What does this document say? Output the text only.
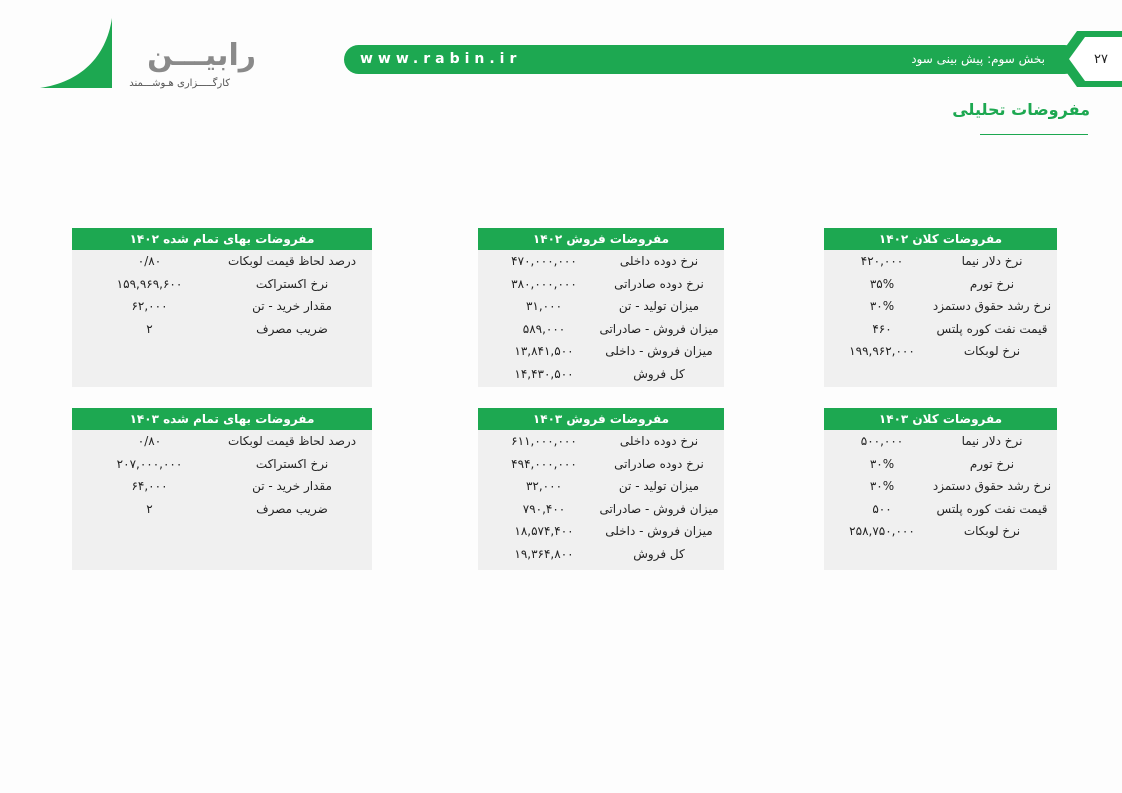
رابیـــن
کارگـــــزاری هـوشـــمند
www.rabin.ir	بخش سوم: پیش بینی سود	۲۷
مفروضات تحلیلی
مفروضات کلان ۱۴۰۲
نرخ دلار نیما
۴۲۰,۰۰۰
نرخ تورم
۳۵%
نرخ رشد حقوق دستمزد
۳۰%
قیمت نفت کوره پلتس
۴۶۰
نرخ لوبکات
۱۹۹,۹۶۲,۰۰۰
مفروضات فروش ۱۴۰۲
نرخ دوده داخلی
۴۷۰,۰۰۰,۰۰۰
نرخ دوده صادراتی
۳۸۰,۰۰۰,۰۰۰
میزان تولید - تن
۳۱,۰۰۰
میزان فروش - صادراتی
۵۸۹,۰۰۰
میزان فروش - داخلی
۱۳,۸۴۱,۵۰۰
کل فروش
۱۴,۴۳۰,۵۰۰
مفروضات بهای تمام شده ۱۴۰۲
درصد لحاظ قیمت لوبکات
۰/۸۰
نرخ اکستراکت
۱۵۹,۹۶۹,۶۰۰
مقدار خرید - تن
۶۲,۰۰۰
ضریب مصرف
۲
مفروضات کلان ۱۴۰۳
نرخ دلار نیما
۵۰۰,۰۰۰
نرخ تورم
۳۰%
نرخ رشد حقوق دستمزد
۳۰%
قیمت نفت کوره پلتس
۵۰۰
نرخ لوبکات
۲۵۸,۷۵۰,۰۰۰
مفروضات فروش ۱۴۰۳
نرخ دوده داخلی
۶۱۱,۰۰۰,۰۰۰
نرخ دوده صادراتی
۴۹۴,۰۰۰,۰۰۰
میزان تولید - تن
۳۲,۰۰۰
میزان فروش - صادراتی
۷۹۰,۴۰۰
میزان فروش - داخلی
۱۸,۵۷۴,۴۰۰
کل فروش
۱۹,۳۶۴,۸۰۰
مفروضات بهای تمام شده ۱۴۰۳
درصد لحاظ قیمت لوبکات
۰/۸۰
نرخ اکستراکت
۲۰۷,۰۰۰,۰۰۰
مقدار خرید - تن
۶۴,۰۰۰
ضریب مصرف
۲
